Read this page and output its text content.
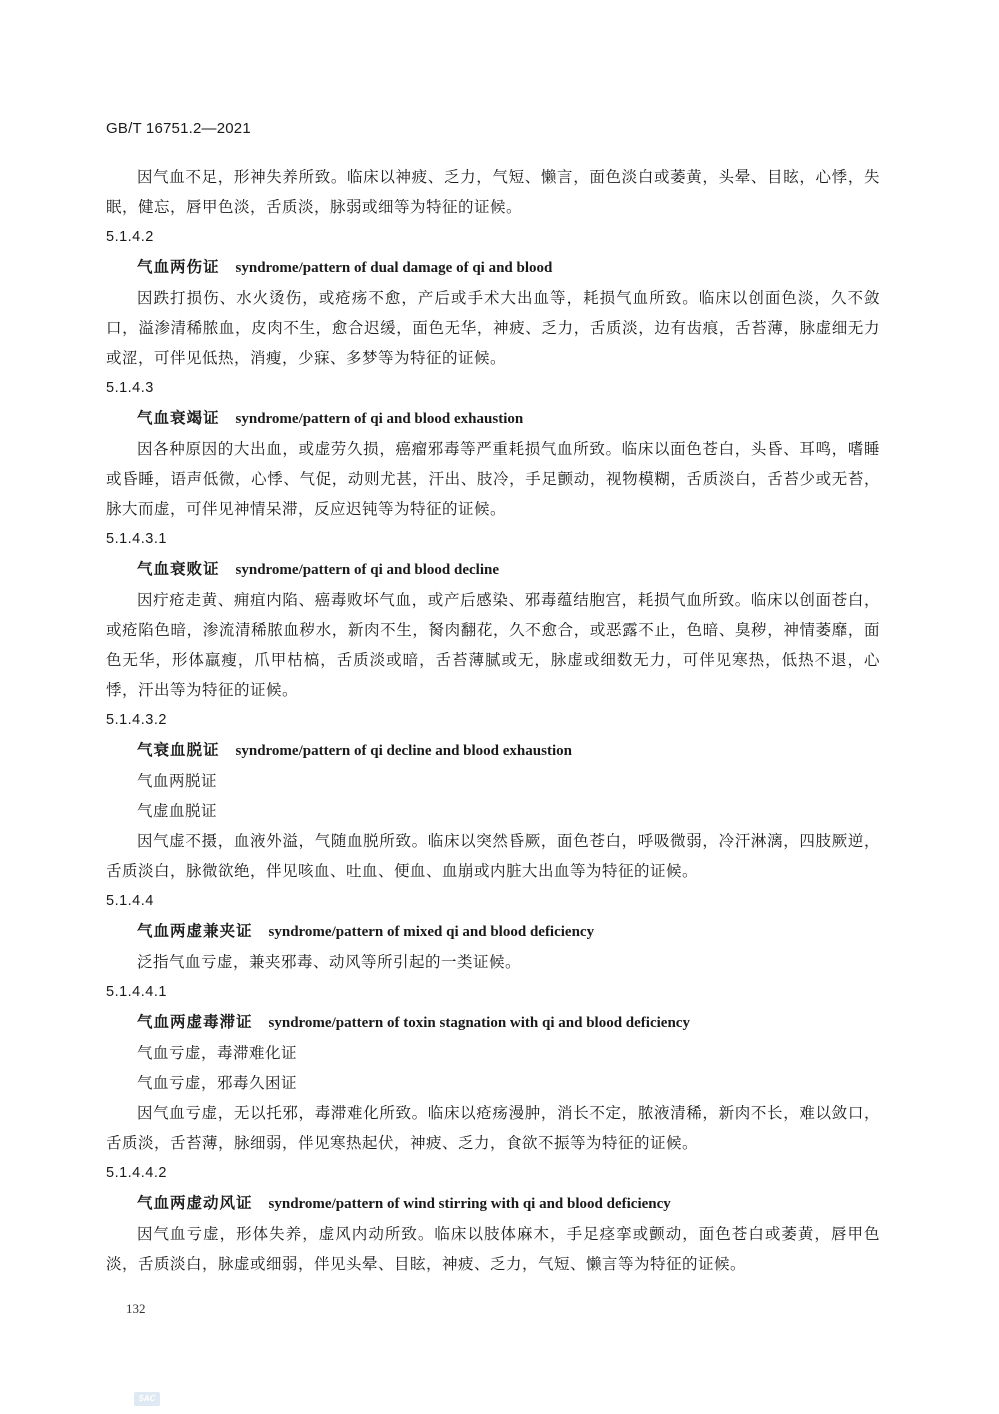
GB/T 16751.2—2021

因气血不足，形神失养所致。临床以神疲、乏力，气短、懒言，面色淡白或萎黄，头晕、目眩，心悸，失眠，健忘，唇甲色淡，舌质淡，脉弱或细等为特征的证候。

5.1.4.2

气血两伤证 syndrome/pattern of dual damage of qi and blood

因跌打损伤、水火烫伤，或疮疡不愈，产后或手术大出血等，耗损气血所致。临床以创面色淡，久不敛口，溢渗清稀脓血，皮肉不生，愈合迟缓，面色无华，神疲、乏力，舌质淡，边有齿痕，舌苔薄，脉虚细无力或涩，可伴见低热，消瘦，少寐、多梦等为特征的证候。

5.1.4.3

气血衰竭证 syndrome/pattern of qi and blood exhaustion

因各种原因的大出血，或虚劳久损，癌瘤邪毒等严重耗损气血所致。临床以面色苍白，头昏、耳鸣，嗜睡或昏睡，语声低微，心悸、气促，动则尤甚，汗出、肢冷，手足颤动，视物模糊，舌质淡白，舌苔少或无苔，脉大而虚，可伴见神情呆滞，反应迟钝等为特征的证候。

5.1.4.3.1

气血衰败证 syndrome/pattern of qi and blood decline

因疔疮走黄、痈疽内陷、癌毒败坏气血，或产后感染、邪毒蕴结胞宫，耗损气血所致。临床以创面苍白，或疮陷色暗，渗流清稀脓血秽水，新肉不生，胬肉翻花，久不愈合，或恶露不止，色暗、臭秽，神情萎靡，面色无华，形体羸瘦，爪甲枯槁，舌质淡或暗，舌苔薄腻或无，脉虚或细数无力，可伴见寒热，低热不退，心悸，汗出等为特征的证候。

5.1.4.3.2

气衰血脱证 syndrome/pattern of qi decline and blood exhaustion

气血两脱证

气虚血脱证

因气虚不摄，血液外溢，气随血脱所致。临床以突然昏厥，面色苍白，呼吸微弱，冷汗淋漓，四肢厥逆，舌质淡白，脉微欲绝，伴见咳血、吐血、便血、血崩或内脏大出血等为特征的证候。

5.1.4.4

气血两虚兼夹证 syndrome/pattern of mixed qi and blood deficiency

泛指气血亏虚，兼夹邪毒、动风等所引起的一类证候。

5.1.4.4.1

气血两虚毒滞证 syndrome/pattern of toxin stagnation with qi and blood deficiency

气血亏虚，毒滞难化证

气血亏虚，邪毒久困证

因气血亏虚，无以托邪，毒滞难化所致。临床以疮疡漫肿，消长不定，脓液清稀，新肉不长，难以敛口，舌质淡，舌苔薄，脉细弱，伴见寒热起伏，神疲、乏力，食欲不振等为特征的证候。

5.1.4.4.2

气血两虚动风证 syndrome/pattern of wind stirring with qi and blood deficiency

因气血亏虚，形体失养，虚风内动所致。临床以肢体麻木，手足痉挛或颤动，面色苍白或萎黄，唇甲色淡，舌质淡白，脉虚或细弱，伴见头晕、目眩，神疲、乏力，气短、懒言等为特征的证候。

132
SAC
